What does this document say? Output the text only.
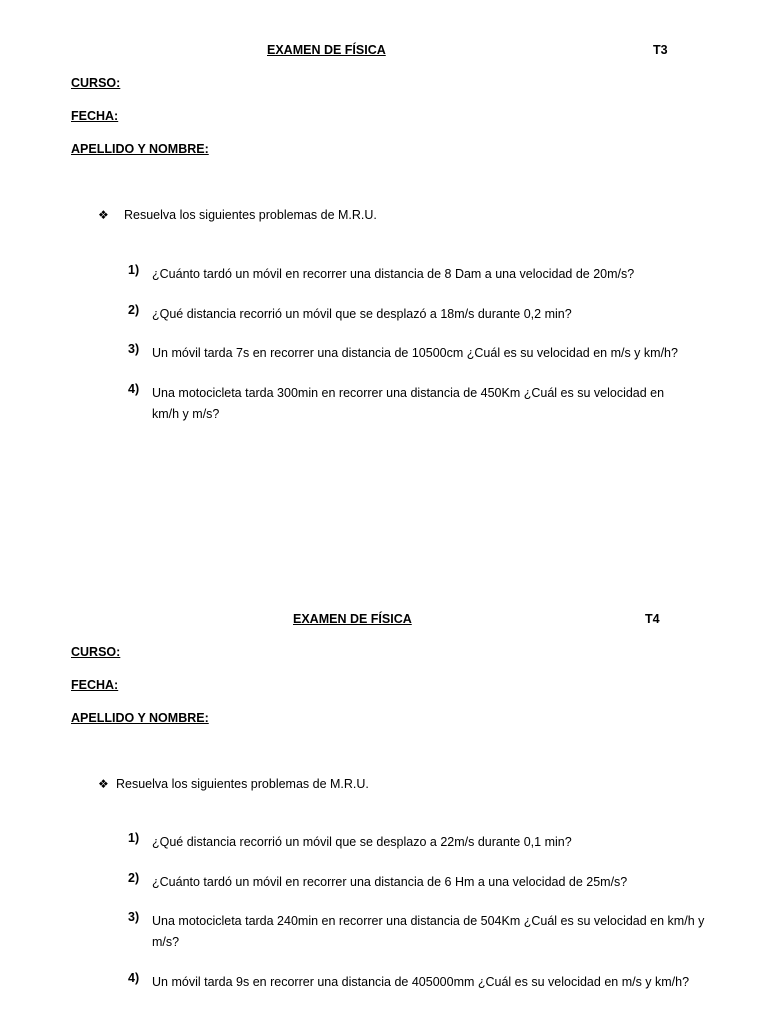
EXAMEN DE FÍSICA	T3
CURSO:
FECHA:
APELLIDO Y NOMBRE:
❖ Resuelva los siguientes problemas de M.R.U.
1)	¿Cuánto tardó un móvil en recorrer una distancia de 8 Dam a una velocidad de 20m/s?
2)	¿Qué distancia recorrió un móvil que se desplazó a 18m/s durante 0,2 min?
3)	Un móvil tarda 7s en recorrer una distancia de 10500cm ¿Cuál es su velocidad en m/s y km/h?
4)	Una motocicleta tarda 300min en recorrer una distancia de 450Km ¿Cuál es su velocidad en km/h y m/s?
EXAMEN DE FÍSICA	T4
CURSO:
FECHA:
APELLIDO Y NOMBRE:
❖ Resuelva los siguientes problemas de M.R.U.
1)	¿Qué distancia recorrió un móvil que se desplazo a 22m/s durante 0,1 min?
2)	¿Cuánto tardó un móvil en recorrer una distancia de 6 Hm a una velocidad de 25m/s?
3)	Una motocicleta tarda 240min en recorrer una distancia de 504Km ¿Cuál es su velocidad en km/h y m/s?
4)	Un móvil tarda 9s en recorrer una distancia de 405000mm ¿Cuál es su velocidad en m/s y km/h?
